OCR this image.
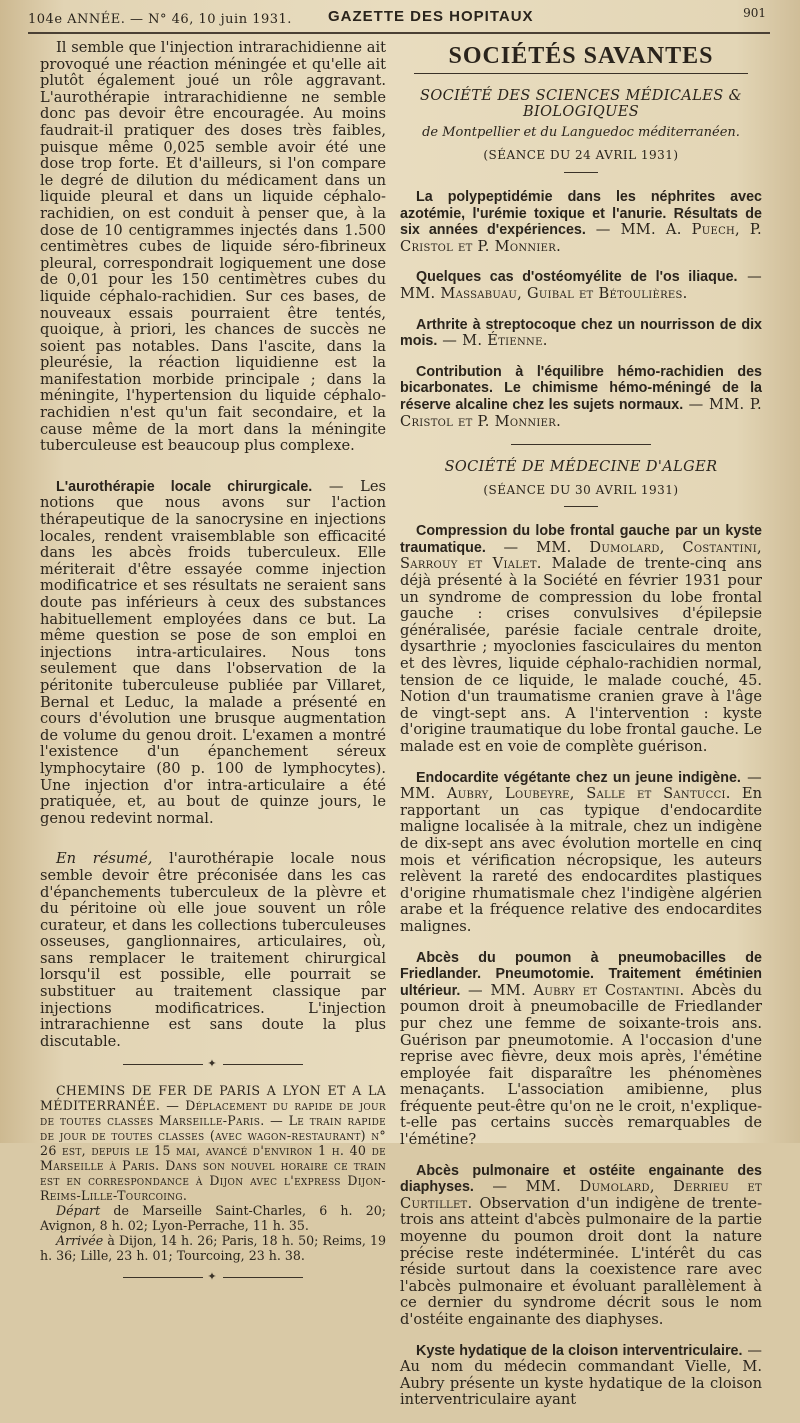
104e ANNÉE. — N° 46, 10 juin 1931. GAZETTE DES HOPITAUX	901

Il semble que l'injection intrarachidienne ait provoqué une réaction méningée et qu'elle ait plutôt également joué un rôle aggravant. L'aurothérapie intrarachidienne ne semble donc pas devoir être encouragée. Au moins faudrait-il pratiquer des doses très faibles, puisque même 0,025 semble avoir été une dose trop forte. Et d'ailleurs, si l'on compare le degré de dilution du médicament dans un liquide pleural et dans un liquide céphalo-rachidien, on est conduit à penser que, à la dose de 10 centigrammes injectés dans 1.500 centimètres cubes de liquide séro-fibrineux pleural, correspondrait logiquement une dose de 0,01 pour les 150 centimètres cubes du liquide céphalo-rachidien. Sur ces bases, de nouveaux essais pourraient être tentés, quoique, à priori, les chances de succès ne soient pas notables. Dans l'ascite, dans la pleurésie, la réaction liquidienne est la manifestation morbide principale ; dans la méningite, l'hypertension du liquide céphalo-rachidien n'est qu'un fait secondaire, et la cause même de la mort dans la méningite tuberculeuse est beaucoup plus complexe.

L'aurothérapie locale chirurgicale. — Les notions que nous avons sur l'action thérapeutique de la sanocrysine en injections locales, rendent vraisemblable son efficacité dans les abcès froids tuberculeux. Elle mériterait d'être essayée comme injection modificatrice et ses résultats ne seraient sans doute pas inférieurs à ceux des substances habituellement employées dans ce but. La même question se pose de son emploi en injections intra-articulaires. Nous tons seulement que dans l'observation de la péritonite tuberculeuse publiée par Villaret, Bernal et Leduc, la malade a présenté en cours d'évolution une brusque augmentation de volume du genou droit. L'examen a montré l'existence d'un épanchement séreux lymphocytaire (80 p. 100 de lymphocytes). Une injection d'or intra-articulaire a été pratiquée, et, au bout de quinze jours, le genou redevint normal.

En résumé, l'aurothérapie locale nous semble devoir être préconisée dans les cas d'épanchements tuberculeux de la plèvre et du péritoine où elle joue souvent un rôle curateur, et dans les collections tuberculeuses osseuses, ganglionnaires, articulaires, où, sans remplacer le traitement chirurgical lorsqu'il est possible, elle pourrait se substituer au traitement classique par injections modificatrices. L'injection intrarachienne est sans doute la plus discutable.

✦

CHEMINS DE FER DE PARIS A LYON ET A LA MÉDITERRANÉE. — Déplacement du rapide de jour de toutes classes Marseille-Paris. — Le train rapide de jour de toutes classes (avec wagon-restaurant) n° 26 est, depuis le 15 mai, avancé d'environ 1 h. 40 de Marseille à Paris. Dans son nouvel horaire ce train est en correspondance à Dijon avec l'express Dijon-Reims-Lille-Tourcoing.

Départ de Marseille Saint-Charles, 6 h. 20; Avignon, 8 h. 02; Lyon-Perrache, 11 h. 35.

Arrivée à Dijon, 14 h. 26; Paris, 18 h. 50; Reims, 19 h. 36; Lille, 23 h. 01; Tourcoing, 23 h. 38.

✦
SOCIÉTÉS SAVANTES
SOCIÉTÉ DES SCIENCES MÉDICALES & BIOLOGIQUES
de Montpellier et du Languedoc méditerranéen.
(SÉANCE DU 24 AVRIL 1931)

La polypeptidémie dans les néphrites avec azotémie, l'urémie toxique et l'anurie. Résultats de six années d'expériences. — MM. A. Puech, P. Cristol et P. Monnier.

Quelques cas d'ostéomyélite de l'os iliaque. — MM. Massabuau, Guibal et Bétoulières.

Arthrite à streptocoque chez un nourrisson de dix mois. — M. Étienne.

Contribution à l'équilibre hémo-rachidien des bicarbonates. Le chimisme hémo-méningé de la réserve alcaline chez les sujets normaux. — MM. P. Cristol et P. Monnier.

SOCIÉTÉ DE MÉDECINE D'ALGER
(SÉANCE DU 30 AVRIL 1931)

Compression du lobe frontal gauche par un kyste traumatique. — MM. Dumolard, Costantini, Sarrouy et Vialet. Malade de trente-cinq ans déjà présenté à la Société en février 1931 pour un syndrome de compression du lobe frontal gauche : crises convulsives d'épilepsie généralisée, parésie faciale centrale droite, dysarthrie ; myoclonies fasciculaires du menton et des lèvres, liquide céphalo-rachidien normal, tension de ce liquide, le malade couché, 45. Notion d'un traumatisme cranien grave à l'âge de vingt-sept ans. A l'intervention : kyste d'origine traumatique du lobe frontal gauche. Le malade est en voie de complète guérison.

Endocardite végétante chez un jeune indigène. — MM. Aubry, Loubeyre, Salle et Santucci. En rapportant un cas typique d'endocardite maligne localisée à la mitrale, chez un indigène de dix-sept ans avec évolution mortelle en cinq mois et vérification nécropsique, les auteurs relèvent la rareté des endocardites plastiques d'origine rhumatismale chez l'indigène algérien arabe et la fréquence relative des endocardites malignes.

Abcès du poumon à pneumobacilles de Friedlander. Pneumotomie. Traitement émétinien ultérieur. — MM. Aubry et Costantini. Abcès du poumon droit à pneumobacille de Friedlander pur chez une femme de soixante-trois ans. Guérison par pneumotomie. A l'occasion d'une reprise avec fièvre, deux mois après, l'émétine employée fait disparaître les phénomènes menaçants. L'association amibienne, plus fréquente peut-être qu'on ne le croit, n'explique-t-elle pas certains succès remarquables de l'émétine?

Abcès pulmonaire et ostéite engainante des diaphyses. — MM. Dumolard, Derrieu et Curtillet. Observation d'un indigène de trente-trois ans atteint d'abcès pulmonaire de la partie moyenne du poumon droit dont la nature précise reste indéterminée. L'intérêt du cas réside surtout dans la coexistence rare avec l'abcès pulmonaire et évoluant parallèlement à ce dernier du syndrome décrit sous le nom d'ostéite engainante des diaphyses.

Kyste hydatique de la cloison interventriculaire. — Au nom du médecin commandant Vielle, M. Aubry présente un kyste hydatique de la cloison interventriculaire ayant
